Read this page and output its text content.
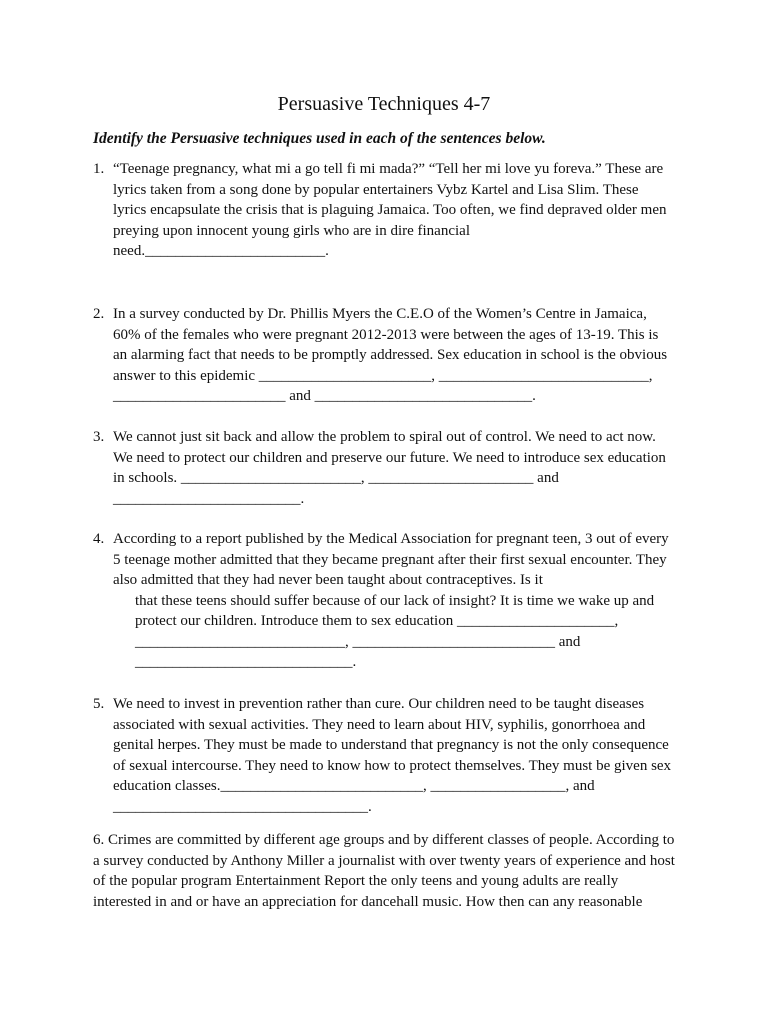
Persuasive Techniques 4-7
Identify the Persuasive techniques used in each of the sentences below.
1. “Teenage pregnancy, what mi a go tell fi mi mada?” “Tell her mi love yu foreva.” These are
lyrics taken from a song done by popular entertainers Vybz Kartel and Lisa Slim. These
lyrics encapsulate the crisis that is plaguing Jamaica. Too often, we find depraved older men
preying upon innocent young girls who are in dire financial
need.________________________.
2. In a survey conducted by Dr. Phillis Myers the C.E.O of the Women’s Centre in Jamaica,
60% of the females who were pregnant 2012-2013 were between the ages of 13-19. This is
an alarming fact that needs to be promptly addressed. Sex education in school is the obvious
answer to this epidemic _______________________, ____________________________,
_______________________ and _____________________________.
3. We cannot just sit back and allow the problem to spiral out of control. We need to act now.
We need to protect our children and preserve our future. We need to introduce sex education
in schools. ________________________, ______________________ and
_________________________.
4. According to a report published by the Medical Association for pregnant teen, 3 out of every
5 teenage mother admitted that they became pregnant after their first sexual encounter. They
also admitted that they had never been taught about contraceptives. Is it
that these teens should suffer because of our lack of insight? It is time we wake up and
protect our children. Introduce them to sex education _____________________,
____________________________, ___________________________ and
_____________________________.
5. We need to invest in prevention rather than cure. Our children need to be taught diseases
associated with sexual activities. They need to learn about HIV, syphilis, gonorrhoea and
genital herpes. They must be made to understand that pregnancy is not the only consequence
of sexual intercourse. They need to know how to protect themselves. They must be given sex
education classes.___________________________, __________________, and
__________________________________.
6. Crimes are committed by different age groups and by different classes of people. According to
a survey conducted by Anthony Miller a journalist with over twenty years of experience and host
of the popular program Entertainment Report the only teens and young adults are really
interested in and or have an appreciation for dancehall music. How then can any reasonable
